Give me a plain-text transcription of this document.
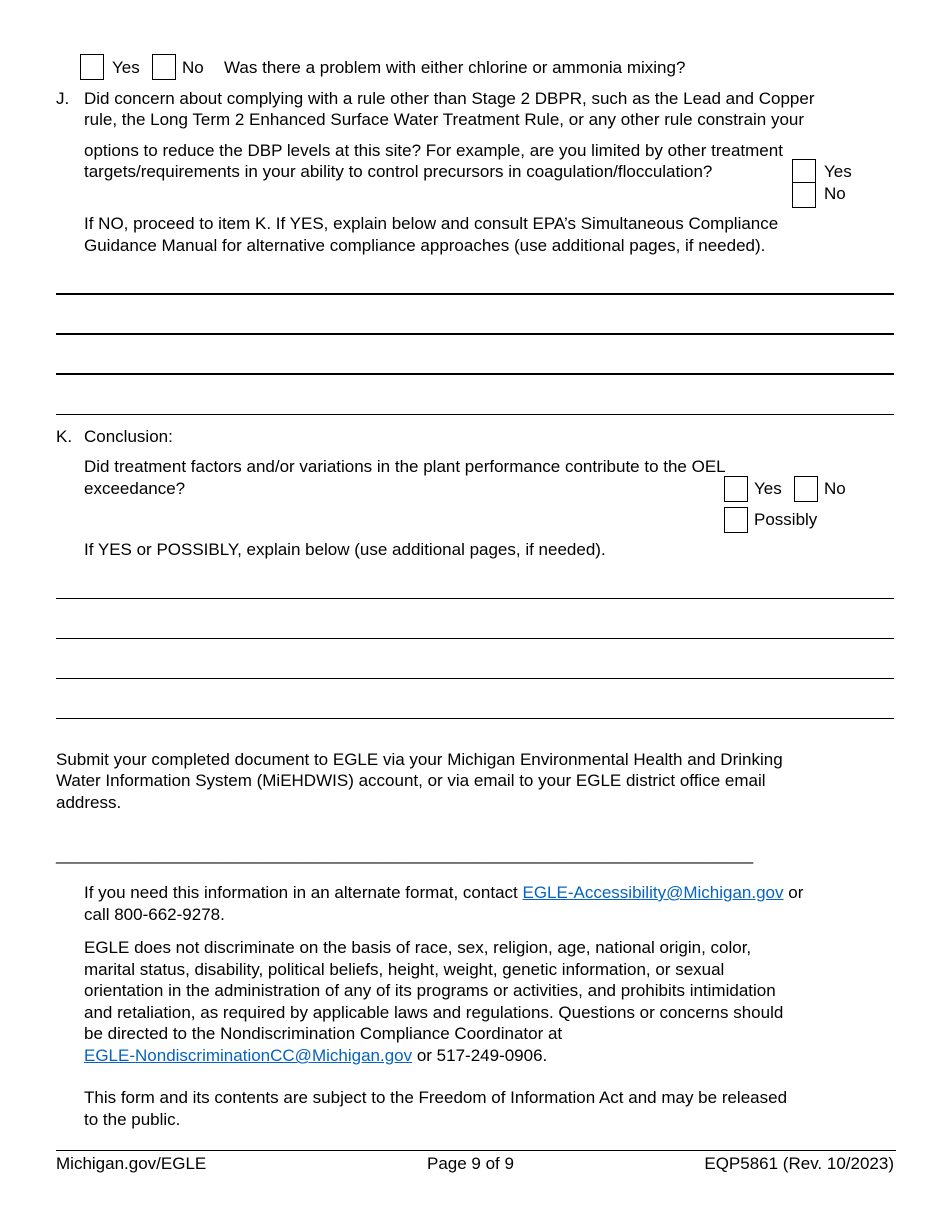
Yes No Was there a problem with either chlorine or ammonia mixing?
J. Did concern about complying with a rule other than Stage 2 DBPR, such as the Lead and Copper
rule, the Long Term 2 Enhanced Surface Water Treatment Rule, or any other rule constrain your
options to reduce the DBP levels at this site? For example, are you limited by other treatment
targets/requirements in your ability to control precursors in coagulation/flocculation?	Yes
No
If NO, proceed to item K. If YES, explain below and consult EPA’s Simultaneous Compliance
Guidance Manual for alternative compliance approaches (use additional pages, if needed).
K. Conclusion:
Did treatment factors and/or variations in the plant performance contribute to the OEL
exceedance?	Yes No
Possibly
If YES or POSSIBLY, explain below (use additional pages, if needed).
Submit your completed document to EGLE via your Michigan Environmental Health and Drinking
Water Information System (MiEHDWIS) account, or via email to your EGLE district office email
address.
_____________________________________________________________________________
If you need this information in an alternate format, contact EGLE-Accessibility@Michigan.gov or
call 800-662-9278.
EGLE does not discriminate on the basis of race, sex, religion, age, national origin, color,
marital status, disability, political beliefs, height, weight, genetic information, or sexual
orientation in the administration of any of its programs or activities, and prohibits intimidation
and retaliation, as required by applicable laws and regulations. Questions or concerns should
be directed to the Nondiscrimination Compliance Coordinator at
EGLE-NondiscriminationCC@Michigan.gov or 517-249-0906.
This form and its contents are subject to the Freedom of Information Act and may be released
to the public.
Michigan.gov/EGLE	Page 9 of 9	EQP5861 (Rev. 10/2023)
